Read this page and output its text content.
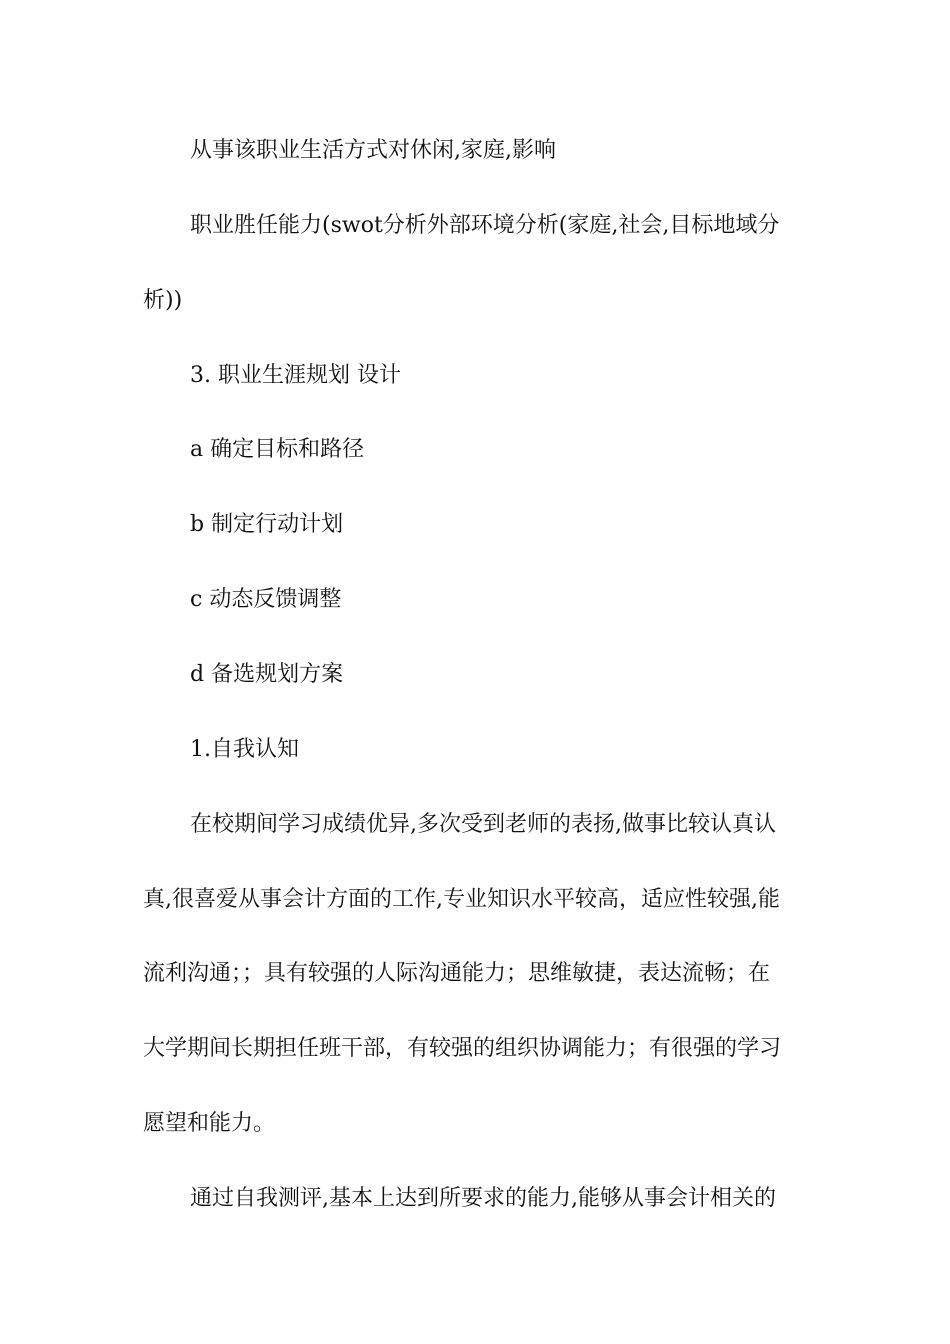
从事该职业生活方式对休闲,家庭,影响
职业胜任能力(swot分析外部环境分析(家庭,社会,目标地域分
析))
3. 职业生涯规划 设计
a 确定目标和路径
b 制定行动计划
c 动态反馈调整
d 备选规划方案
1.自我认知
在校期间学习成绩优异,多次受到老师的表扬,做事比较认真认
真,很喜爱从事会计方面的工作,专业知识水平较高，适应性较强,能
流利沟通；；具有较强的人际沟通能力；思维敏捷，表达流畅；在
大学期间长期担任班干部，有较强的组织协调能力；有很强的学习
愿望和能力。
通过自我测评,基本上达到所要求的能力,能够从事会计相关的
